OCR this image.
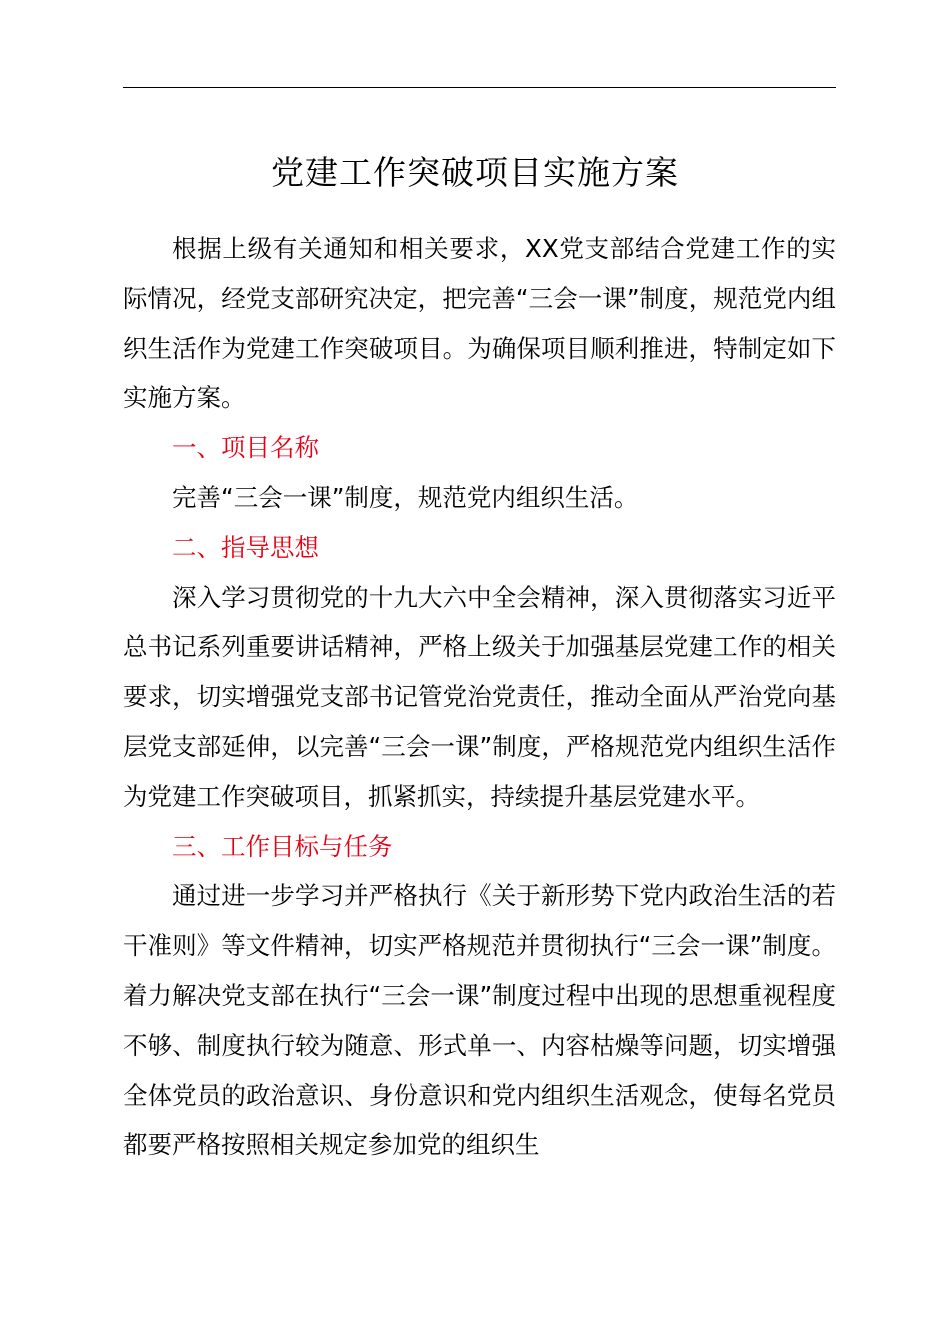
党建工作突破项目实施方案

根据上级有关通知和相关要求，XX党支部结合党建工作的实际情况，经党支部研究决定，把完善“三会一课”制度，规范党内组织生活作为党建工作突破项目。为确保项目顺利推进，特制定如下实施方案。

一、项目名称

完善“三会一课”制度，规范党内组织生活。

二、指导思想

深入学习贯彻党的十九大六中全会精神，深入贯彻落实习近平总书记系列重要讲话精神，严格上级关于加强基层党建工作的相关要求，切实增强党支部书记管党治党责任，推动全面从严治党向基层党支部延伸，以完善“三会一课”制度，严格规范党内组织生活作为党建工作突破项目，抓紧抓实，持续提升基层党建水平。

三、工作目标与任务

通过进一步学习并严格执行《关于新形势下党内政治生活的若干准则》等文件精神，切实严格规范并贯彻执行“三会一课”制度。着力解决党支部在执行“三会一课”制度过程中出现的思想重视程度不够、制度执行较为随意、形式单一、内容枯燥等问题，切实增强全体党员的政治意识、身份意识和党内组织生活观念，使每名党员都要严格按照相关规定参加党的组织生
